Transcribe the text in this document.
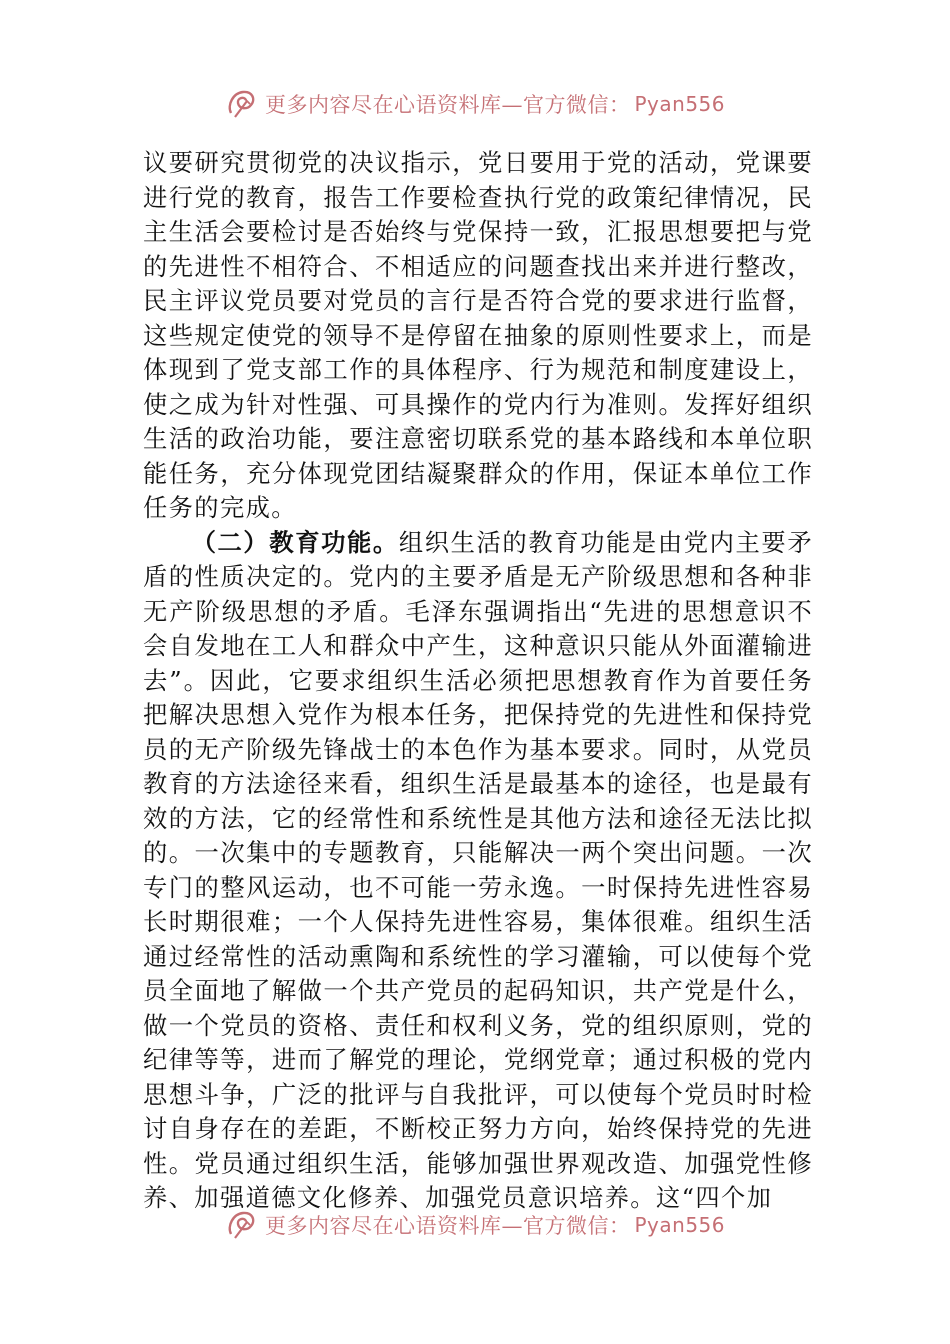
更多内容尽在心语资料库—官方微信： Pyan556

议要研究贯彻党的决议指示，党日要用于党的活动，党课要进行党的教育，报告工作要检查执行党的政策纪律情况，民主生活会要检讨是否始终与党保持一致，汇报思想要把与党的先进性不相符合、不相适应的问题查找出来并进行整改，民主评议党员要对党员的言行是否符合党的要求进行监督，这些规定使党的领导不是停留在抽象的原则性要求上，而是体现到了党支部工作的具体程序、行为规范和制度建设上，使之成为针对性强、可具操作的党内行为准则。发挥好组织生活的政治功能，要注意密切联系党的基本路线和本单位职能任务，充分体现党团结凝聚群众的作用，保证本单位工作任务的完成。

（二）教育功能。组织生活的教育功能是由党内主要矛盾的性质决定的。党内的主要矛盾是无产阶级思想和各种非无产阶级思想的矛盾。毛泽东强调指出“先进的思想意识不会自发地在工人和群众中产生，这种意识只能从外面灌输进去”。因此，它要求组织生活必须把思想教育作为首要任务把解决思想入党作为根本任务，把保持党的先进性和保持党员的无产阶级先锋战士的本色作为基本要求。同时，从党员教育的方法途径来看，组织生活是最基本的途径，也是最有效的方法，它的经常性和系统性是其他方法和途径无法比拟的。一次集中的专题教育，只能解决一两个突出问题。一次专门的整风运动，也不可能一劳永逸。一时保持先进性容易长时期很难；一个人保持先进性容易，集体很难。组织生活通过经常性的活动熏陶和系统性的学习灌输，可以使每个党员全面地了解做一个共产党员的起码知识，共产党是什么，做一个党员的资格、责任和权利义务，党的组织原则，党的纪律等等，进而了解党的理论，党纲党章；通过积极的党内思想斗争，广泛的批评与自我批评，可以使每个党员时时检讨自身存在的差距，不断校正努力方向，始终保持党的先进性。党员通过组织生活，能够加强世界观改造、加强党性修养、加强道德文化修养、加强党员意识培养。这“四个加

更多内容尽在心语资料库—官方微信： Pyan556
